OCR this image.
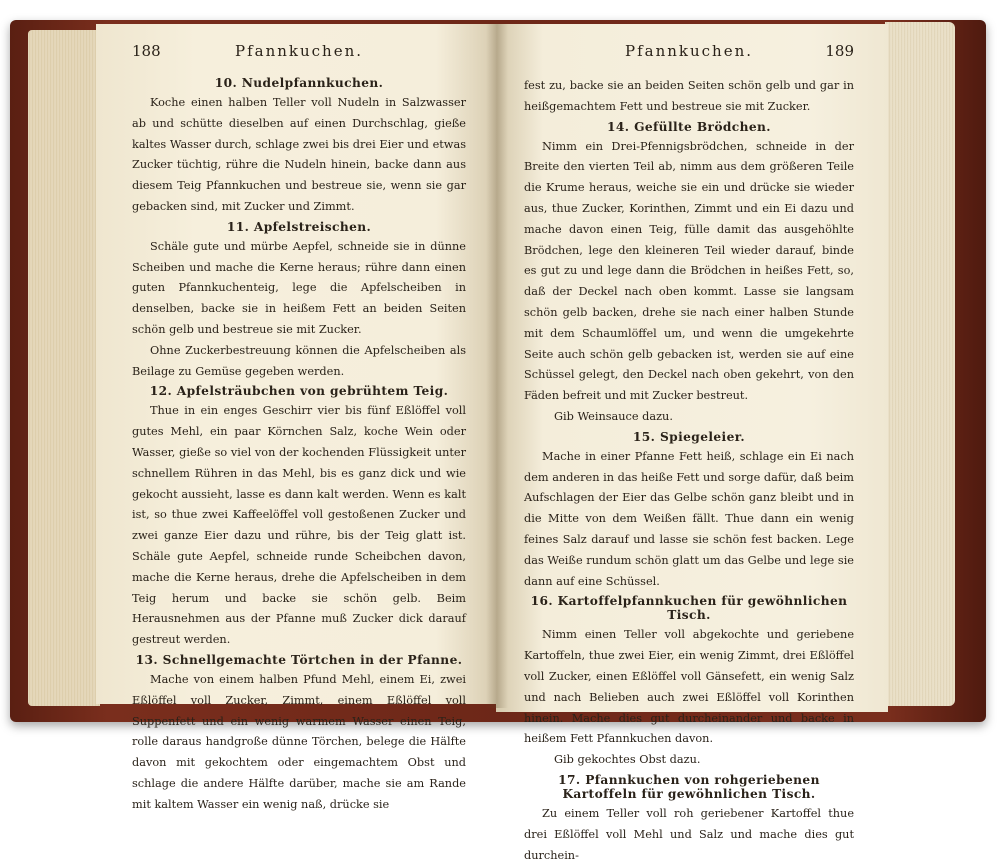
188	Pfannkuchen.
10. Nudelpfannkuchen.

Koche einen halben Teller voll Nudeln in Salzwasser ab und schütte dieselben auf einen Durchschlag, gieße kaltes Wasser durch, schlage zwei bis drei Eier und etwas Zucker tüchtig, rühre die Nudeln hinein, backe dann aus diesem Teig Pfannkuchen und bestreue sie, wenn sie gar gebacken sind, mit Zucker und Zimmt.

11. Apfelstreischen.

Schäle gute und mürbe Aepfel, schneide sie in dünne Scheiben und mache die Kerne heraus; rühre dann einen guten Pfannkuchenteig, lege die Apfelscheiben in denselben, backe sie in heißem Fett an beiden Seiten schön gelb und bestreue sie mit Zucker.

Ohne Zuckerbestreuung können die Apfelscheiben als Beilage zu Gemüse gegeben werden.

12. Apfelsträubchen von gebrühtem Teig.

Thue in ein enges Geschirr vier bis fünf Eßlöffel voll gutes Mehl, ein paar Körnchen Salz, koche Wein oder Wasser, gieße so viel von der kochenden Flüssigkeit unter schnellem Rühren in das Mehl, bis es ganz dick und wie gekocht aussieht, lasse es dann kalt werden. Wenn es kalt ist, so thue zwei Kaffeelöffel voll gestoßenen Zucker und zwei ganze Eier dazu und rühre, bis der Teig glatt ist. Schäle gute Aepfel, schneide runde Scheibchen davon, mache die Kerne heraus, drehe die Apfelscheiben in dem Teig herum und backe sie schön gelb. Beim Herausnehmen aus der Pfanne muß Zucker dick darauf gestreut werden.

13. Schnellgemachte Törtchen in der Pfanne.

Mache von einem halben Pfund Mehl, einem Ei, zwei Eßlöffel voll Zucker, Zimmt, einem Eßlöffel voll Suppenfett und ein wenig warmem Wasser einen Teig, rolle daraus handgroße dünne Törchen, belege die Hälfte davon mit gekochtem oder eingemachtem Obst und schlage die andere Hälfte darüber, mache sie am Rande mit kaltem Wasser ein wenig naß, drücke sie

Pfannkuchen.	189

fest zu, backe sie an beiden Seiten schön gelb und gar in heißgemachtem Fett und bestreue sie mit Zucker.

14. Gefüllte Brödchen.

Nimm ein Drei-Pfennigsbrödchen, schneide in der Breite den vierten Teil ab, nimm aus dem größeren Teile die Krume heraus, weiche sie ein und drücke sie wieder aus, thue Zucker, Korinthen, Zimmt und ein Ei dazu und mache davon einen Teig, fülle damit das ausgehöhlte Brödchen, lege den kleineren Teil wieder darauf, binde es gut zu und lege dann die Brödchen in heißes Fett, so, daß der Deckel nach oben kommt. Lasse sie langsam schön gelb backen, drehe sie nach einer halben Stunde mit dem Schaumlöffel um, und wenn die umgekehrte Seite auch schön gelb gebacken ist, werden sie auf eine Schüssel gelegt, den Deckel nach oben gekehrt, von den Fäden befreit und mit Zucker bestreut.

Gib Weinsauce dazu.

15. Spiegeleier.

Mache in einer Pfanne Fett heiß, schlage ein Ei nach dem anderen in das heiße Fett und sorge dafür, daß beim Aufschlagen der Eier das Gelbe schön ganz bleibt und in die Mitte von dem Weißen fällt. Thue dann ein wenig feines Salz darauf und lasse sie schön fest backen. Lege das Weiße rundum schön glatt um das Gelbe und lege sie dann auf eine Schüssel.

16. Kartoffelpfannkuchen für gewöhnlichen Tisch.

Nimm einen Teller voll abgekochte und geriebene Kartoffeln, thue zwei Eier, ein wenig Zimmt, drei Eßlöffel voll Zucker, einen Eßlöffel voll Gänsefett, ein wenig Salz und nach Belieben auch zwei Eßlöffel voll Korinthen hinein. Mache dies gut durcheinander und backe in heißem Fett Pfannkuchen davon.

Gib gekochtes Obst dazu.

17. Pfannkuchen von rohgeriebenen Kartoffeln für gewöhnlichen Tisch.

Zu einem Teller voll roh geriebener Kartoffel thue drei Eßlöffel voll Mehl und Salz und mache dies gut durchein-
